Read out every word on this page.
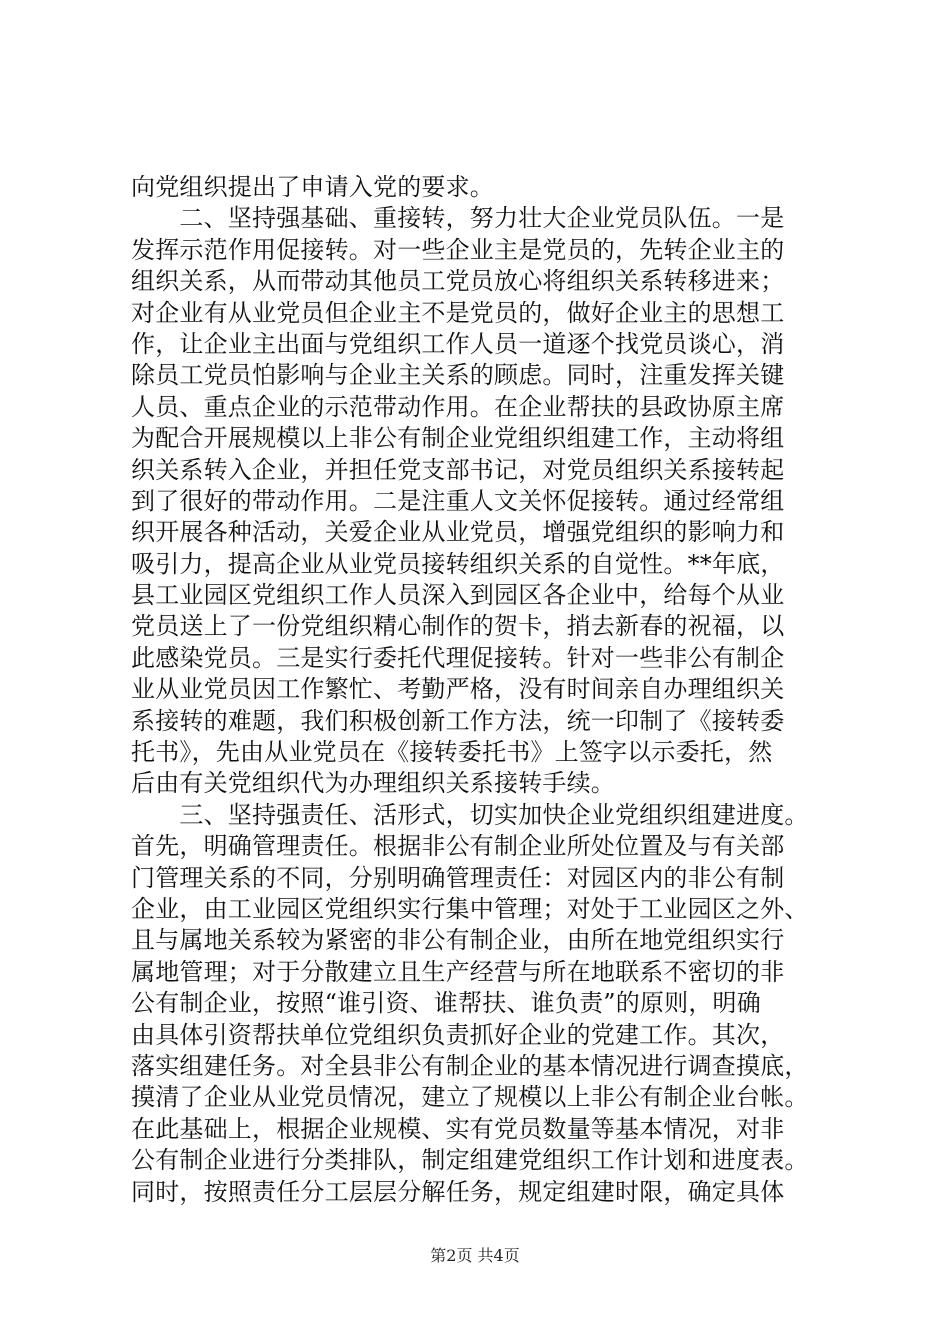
向党组织提出了申请入党的要求。
　　二、坚持强基础、重接转，努力壮大企业党员队伍。一是
发挥示范作用促接转。对一些企业主是党员的，先转企业主的
组织关系，从而带动其他员工党员放心将组织关系转移进来；
对企业有从业党员但企业主不是党员的，做好企业主的思想工
作，让企业主出面与党组织工作人员一道逐个找党员谈心，消
除员工党员怕影响与企业主关系的顾虑。同时，注重发挥关键
人员、重点企业的示范带动作用。在企业帮扶的县政协原主席
为配合开展规模以上非公有制企业党组织组建工作，主动将组
织关系转入企业，并担任党支部书记，对党员组织关系接转起
到了很好的带动作用。二是注重人文关怀促接转。通过经常组
织开展各种活动，关爱企业从业党员，增强党组织的影响力和
吸引力，提高企业从业党员接转组织关系的自觉性。**年底，
县工业园区党组织工作人员深入到园区各企业中，给每个从业
党员送上了一份党组织精心制作的贺卡，捎去新春的祝福，以
此感染党员。三是实行委托代理促接转。针对一些非公有制企
业从业党员因工作繁忙、考勤严格，没有时间亲自办理组织关
系接转的难题，我们积极创新工作方法，统一印制了《接转委
托书》，先由从业党员在《接转委托书》上签字以示委托，然
后由有关党组织代为办理组织关系接转手续。
　　三、坚持强责任、活形式，切实加快企业党组织组建进度。
首先，明确管理责任。根据非公有制企业所处位置及与有关部
门管理关系的不同，分别明确管理责任：对园区内的非公有制
企业，由工业园区党组织实行集中管理；对处于工业园区之外、
且与属地关系较为紧密的非公有制企业，由所在地党组织实行
属地管理；对于分散建立且生产经营与所在地联系不密切的非
公有制企业，按照“谁引资、谁帮扶、谁负责”的原则，明确
由具体引资帮扶单位党组织负责抓好企业的党建工作。其次，
落实组建任务。对全县非公有制企业的基本情况进行调查摸底，
摸清了企业从业党员情况，建立了规模以上非公有制企业台帐。
在此基础上，根据企业规模、实有党员数量等基本情况，对非
公有制企业进行分类排队，制定组建党组织工作计划和进度表。
同时，按照责任分工层层分解任务，规定组建时限，确定具体
第2页 共4页
